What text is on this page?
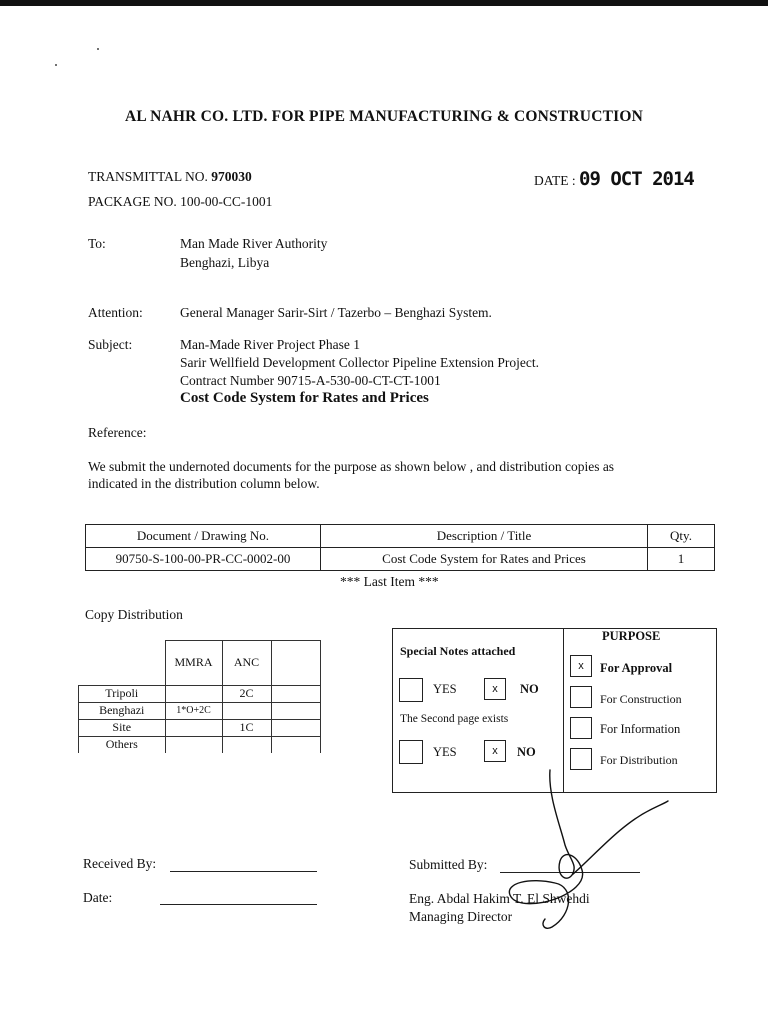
AL NAHR CO. LTD. FOR PIPE MANUFACTURING & CONSTRUCTION
TRANSMITTAL NO. 970030	DATE : 09 OCT 2014
PACKAGE NO. 100-00-CC-1001
To:	Man Made River Authority
Benghazi, Libya
Attention:	General Manager Sarir-Sirt / Tazerbo – Benghazi System.
Subject:	Man-Made River Project Phase 1
Sarir Wellfield Development Collector Pipeline Extension Project.
Contract Number 90715-A-530-00-CT-CT-1001
Cost Code System for Rates and Prices
Reference:
We submit the undernoted documents for the purpose as shown below , and distribution copies as
indicated in the distribution column below.
Document / Drawing No.	Description / Title	Qty.
90750-S-100-00-PR-CC-0002-00	Cost Code System for Rates and Prices	1
*** Last Item ***
Copy Distribution
	MMRA	ANC	
Tripoli		2C	
Benghazi	1*O+2C		
Site		1C	
Others			
Special Notes attached
YES	x	NO
The Second page exists
YES	x	NO
PURPOSE
x	For Approval
For Construction
For Information
For Distribution
Received By:
Date:
Submitted By:
Eng. Abdal Hakim T. El Shwehdi
Managing Director
